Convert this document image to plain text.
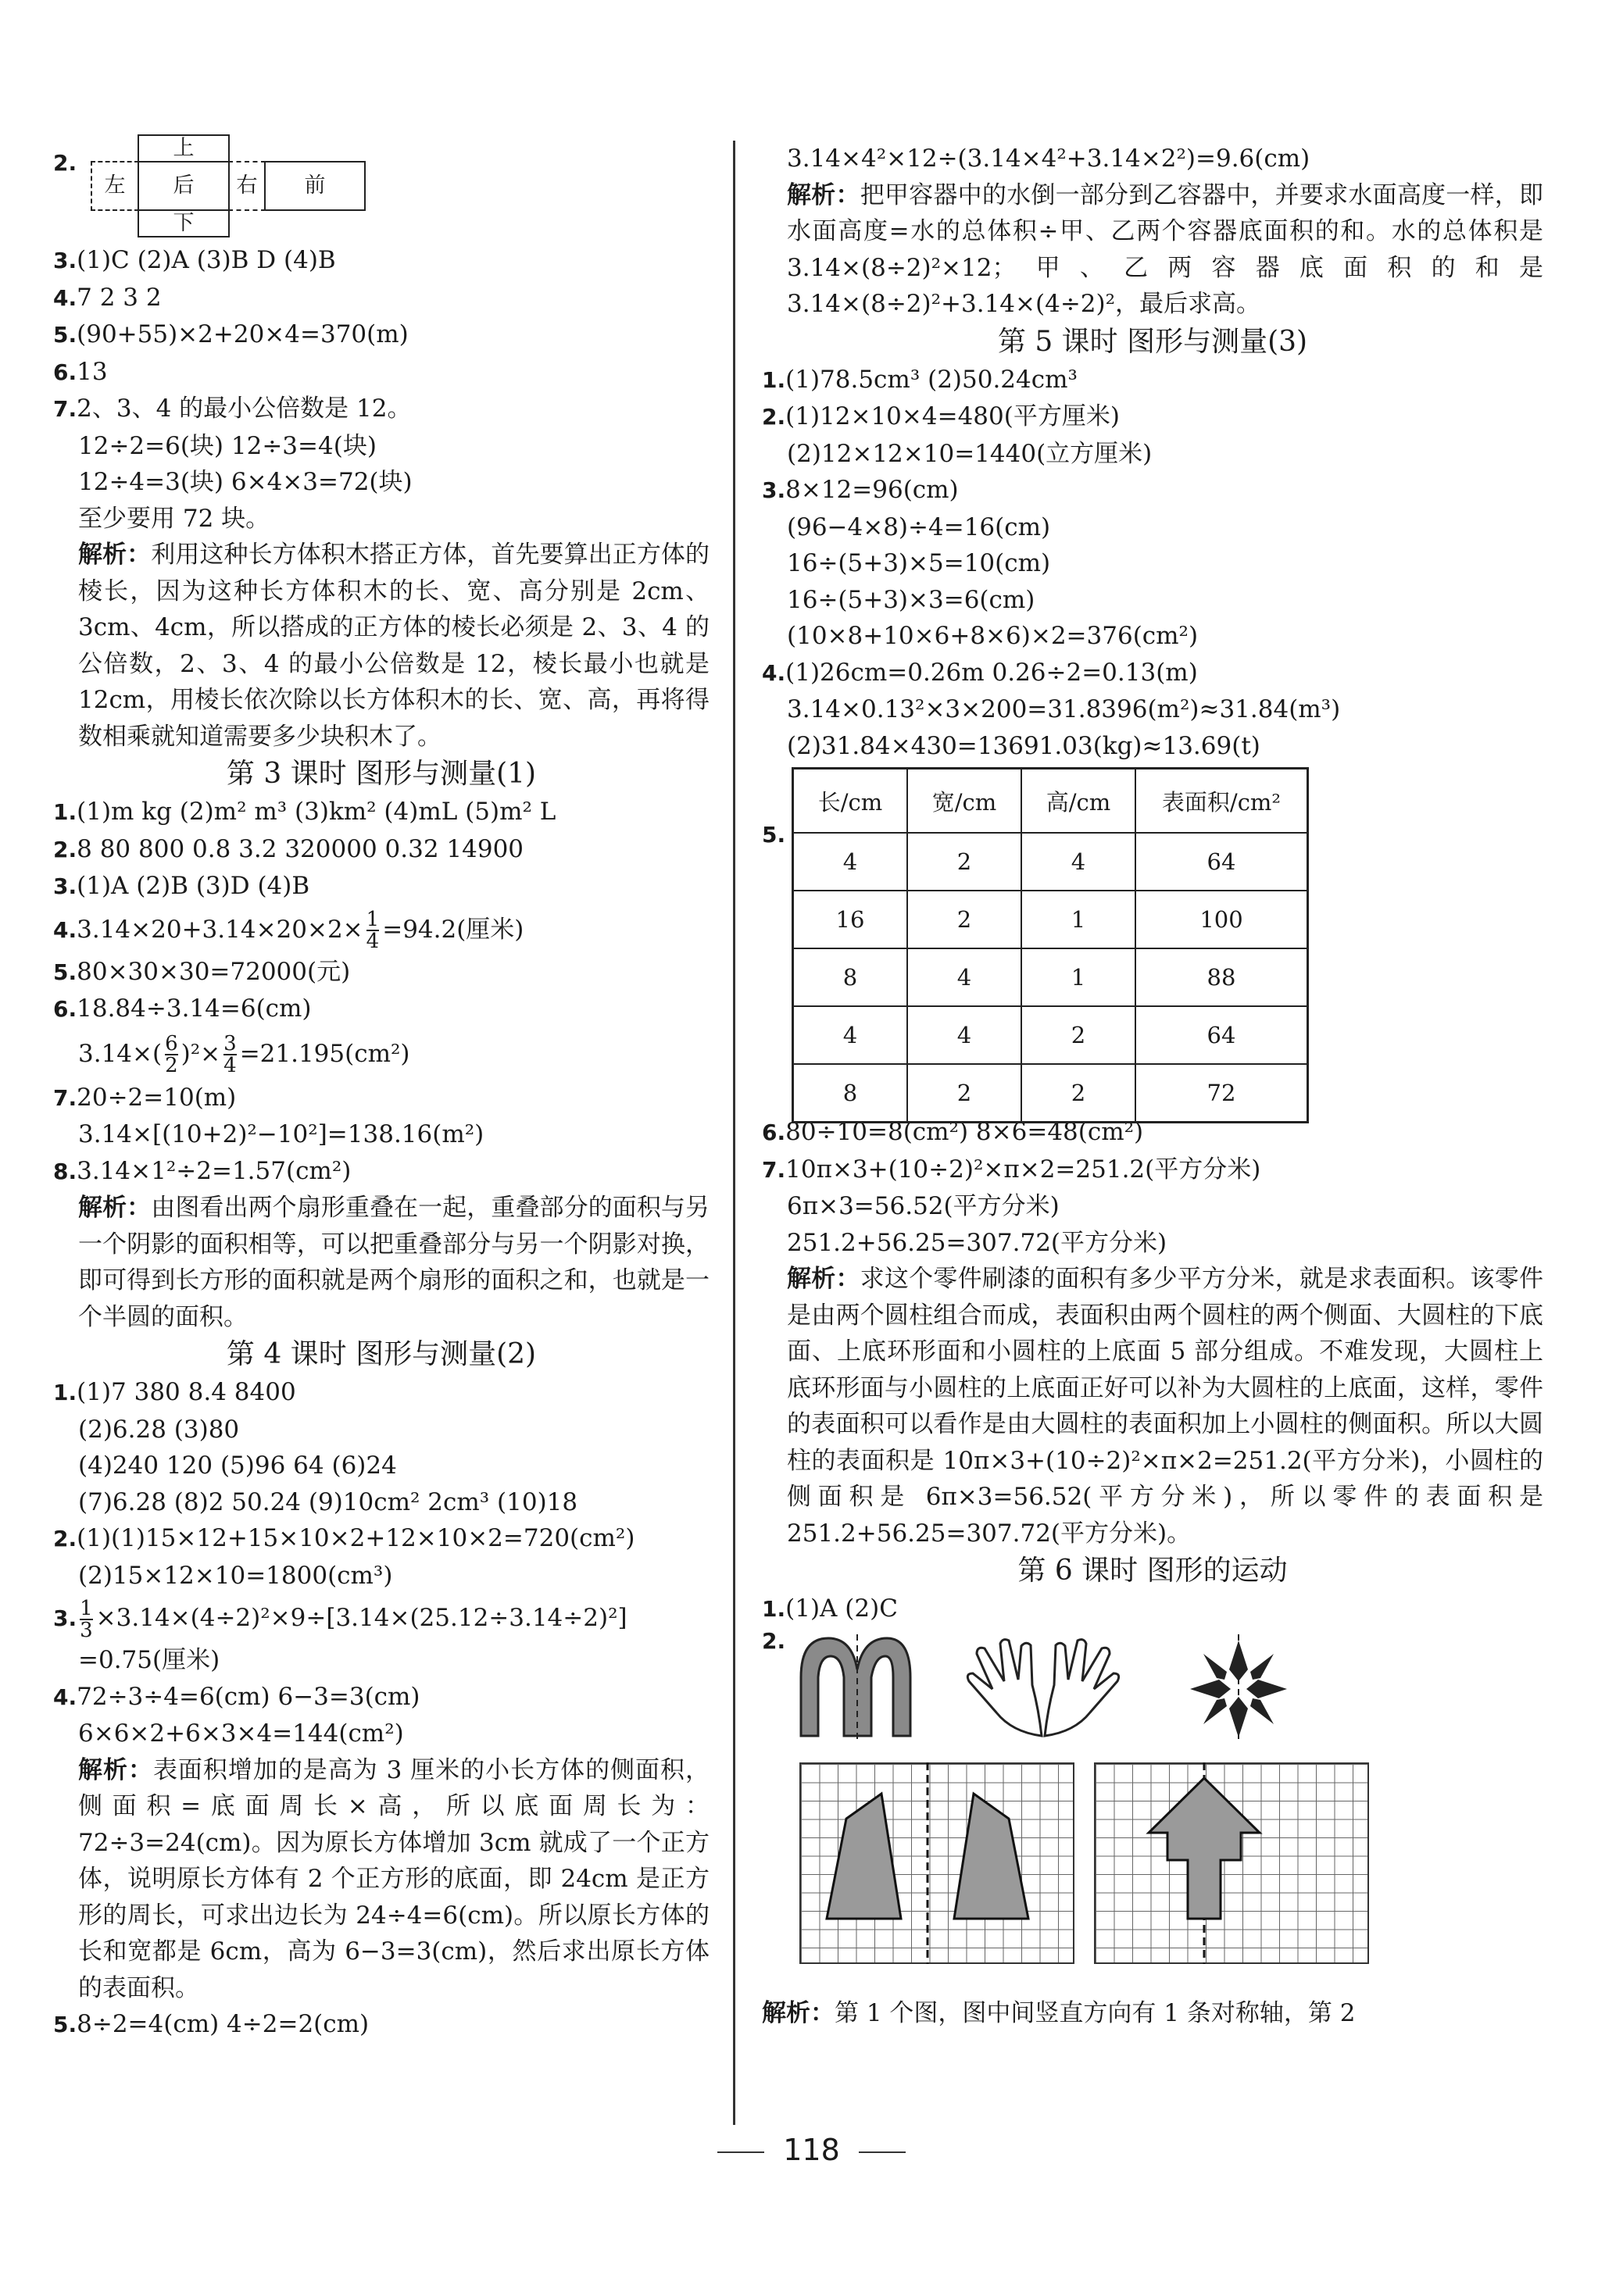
2.
上
左	后	右	前
下
3.(1)C (2)A (3)B D (4)B
4.7 2 3 2
5.(90+55)×2+20×4=370(m)
6.13
7.2、3、4 的最小公倍数是 12。
12÷2=6(块) 12÷3=4(块)
12÷4=3(块) 6×4×3=72(块)
至少要用 72 块。
解析：利用这种长方体积木搭正方体，首先要算出正方体的棱长，因为这种长方体积木的长、宽、高分别是 2cm、3cm、4cm，所以搭成的正方体的棱长必须是 2、3、4 的公倍数，2、3、4 的最小公倍数是 12，棱长最小也就是 12cm，用棱长依次除以长方体积木的长、宽、高，再将得数相乘就知道需要多少块积木了。
第 3 课时 图形与测量(1)
1.(1)m kg (2)m² m³ (3)km² (4)mL (5)m² L
2.8 80 800 0.8 3.2 320000 0.32 14900
3.(1)A (2)B (3)D (4)B
$4.3.14\times 20+3.14\times 20\times 2\times \frac{1}{4} =94.2$(厘米)
5.80×30×30=72000(元)
6.18.84÷3.14=6(cm)
$3.14\times( \frac{6}{2} )^2\times \frac{3}{4} =21.195(cm^2)$
7.20÷2=10(m)
3.14×[(10+2)²−10²]=138.16(m²)
8.3.14×1²÷2=1.57(cm²)
解析：由图看出两个扇形重叠在一起，重叠部分的面积与另一个阴影的面积相等，可以把重叠部分与另一个阴影对换，即可得到长方形的面积就是两个扇形的面积之和，也就是一个半圆的面积。
第 4 课时 图形与测量(2)
1.(1)7 380 8.4 8400
(2)6.28 (3)80
(4)240 120 (5)96 64 (6)24
(7)6.28 (8)2 50.24 (9)10cm² 2cm³ (10)18
2.(1)(1)15×12+15×10×2+12×10×2=720(cm²)
(2)15×12×10=1800(cm³)
3. $\frac{1}{3} \times 3.14\times(4\div 2)^2\times 9\div[3.14\times(25.12\div 3.14\div 2)^2]$
=0.75(厘米)
4.72÷3÷4=6(cm) 6−3=3(cm)
6×6×2+6×3×4=144(cm²)
解析：表面积增加的是高为 3 厘米的小长方体的侧面积，侧面积=底面周长×高，所以底面周长为：72÷3=24(cm)。因为原长方体增加 3cm 就成了一个正方体，说明原长方体有 2 个正方形的底面，即 24cm 是正方形的周长，可求出边长为 24÷4=6(cm)。所以原长方体的长和宽都是 6cm，高为 6−3=3(cm)，然后求出原长方体的表面积。
5.8÷2=4(cm) 4÷2=2(cm)
3.14×4²×12÷(3.14×4²+3.14×2²)=9.6(cm)
解析：把甲容器中的水倒一部分到乙容器中，并要求水面高度一样，即水面高度=水的总体积÷甲、乙两个容器底面积的和。水的总体积是 3.14×(8÷2)²×12；甲、乙两容器底面积的和是 3.14×(8÷2)²+3.14×(4÷2)²，最后求高。
第 5 课时 图形与测量(3)
1.(1)78.5cm³ (2)50.24cm³
2.(1)12×10×4=480(平方厘米)
(2)12×12×10=1440(立方厘米)
3.8×12=96(cm)
(96−4×8)÷4=16(cm)
16÷(5+3)×5=10(cm)
16÷(5+3)×3=6(cm)
(10×8+10×6+8×6)×2=376(cm²)
4.(1)26cm=0.26m 0.26÷2=0.13(m)
3.14×0.13²×3×200=31.8396(m²)≈31.84(m³)
(2)31.84×430=13691.03(kg)≈13.69(t)
5.
长/cm	宽/cm	高/cm	表面积/cm²
4	2	4	64
16	2	1	100
8	4	1	88
4	4	2	64
8	2	2	72
6.80÷10=8(cm²) 8×6=48(cm²)
7.10π×3+(10÷2)²×π×2=251.2(平方分米)
6π×3=56.52(平方分米)
251.2+56.25=307.72(平方分米)
解析：求这个零件刷漆的面积有多少平方分米，就是求表面积。该零件是由两个圆柱组合而成，表面积由两个圆柱的两个侧面、大圆柱的下底面、上底环形面和小圆柱的上底面 5 部分组成。不难发现，大圆柱上底环形面与小圆柱的上底面正好可以补为大圆柱的上底面，这样，零件的表面积可以看作是由大圆柱的表面积加上小圆柱的侧面积。所以大圆柱的表面积是 10π×3+(10÷2)²×π×2=251.2(平方分米)，小圆柱的侧面积是 6π×3=56.52(平方分米)，所以零件的表面积是 251.2+56.25=307.72(平方分米)。
第 6 课时 图形的运动
1.(1)A (2)C
2.
解析：第 1 个图，图中间竖直方向有 1 条对称轴，第 2
118
